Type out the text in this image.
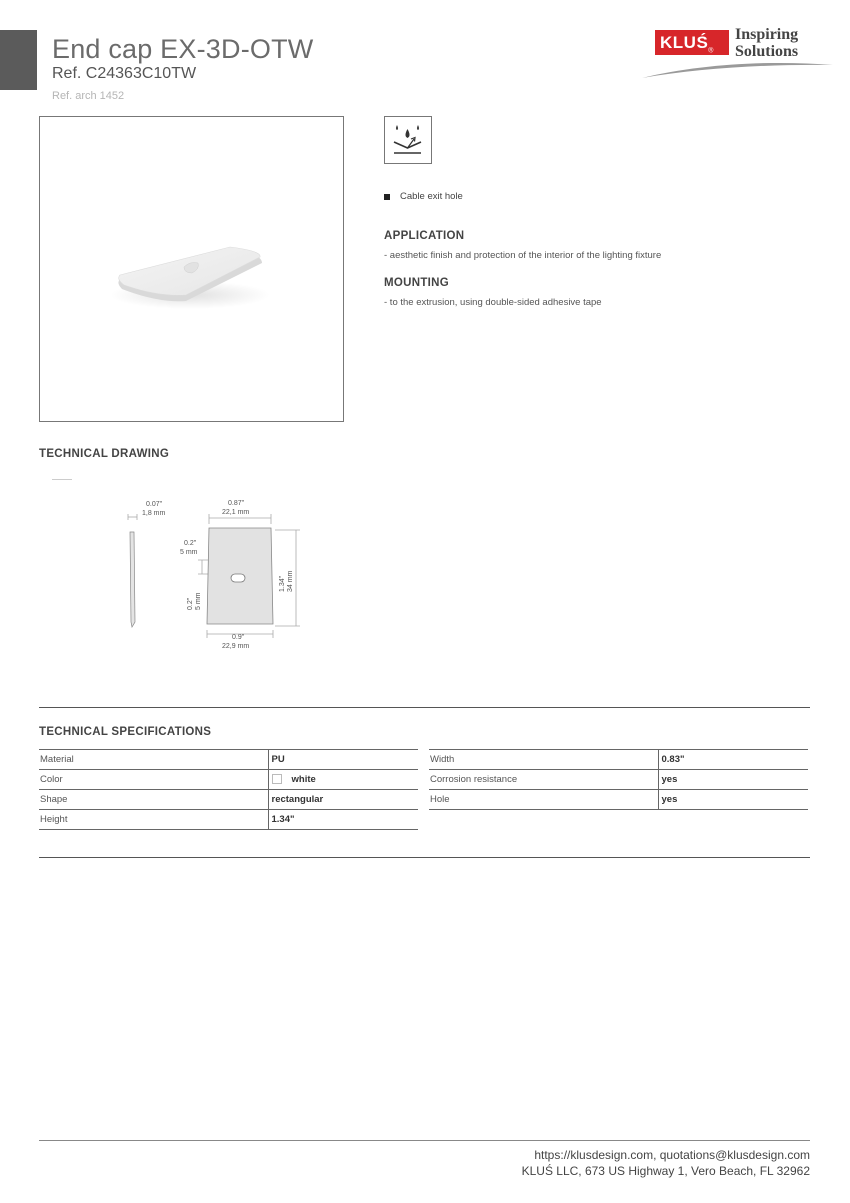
End cap EX-3D-OTW
Ref. C24363C10TW
Ref. arch 1452
$KLUŚ_®$
Inspiring
Solutions
Cable exit hole
APPLICATION
- aesthetic finish and protection of the interior of the lighting fixture
MOUNTING
- to the extrusion, using double-sided adhesive tape
TECHNICAL DRAWING
0.07"
1,8 mm
0.87"
22,1 mm
0.2"
5 mm
0.2" 5 mm
1.34" 34 mm
0.9"
22,9 mm
TECHNICAL SPECIFICATIONS
Material	PU
Color	white
Shape	rectangular
Height	1.34"
Width	0.83"
Corrosion resistance	yes
Hole	yes
https://klusdesign.com, quotations@klusdesign.com
KLUŚ LLC, 673 US Highway 1, Vero Beach, FL 32962
